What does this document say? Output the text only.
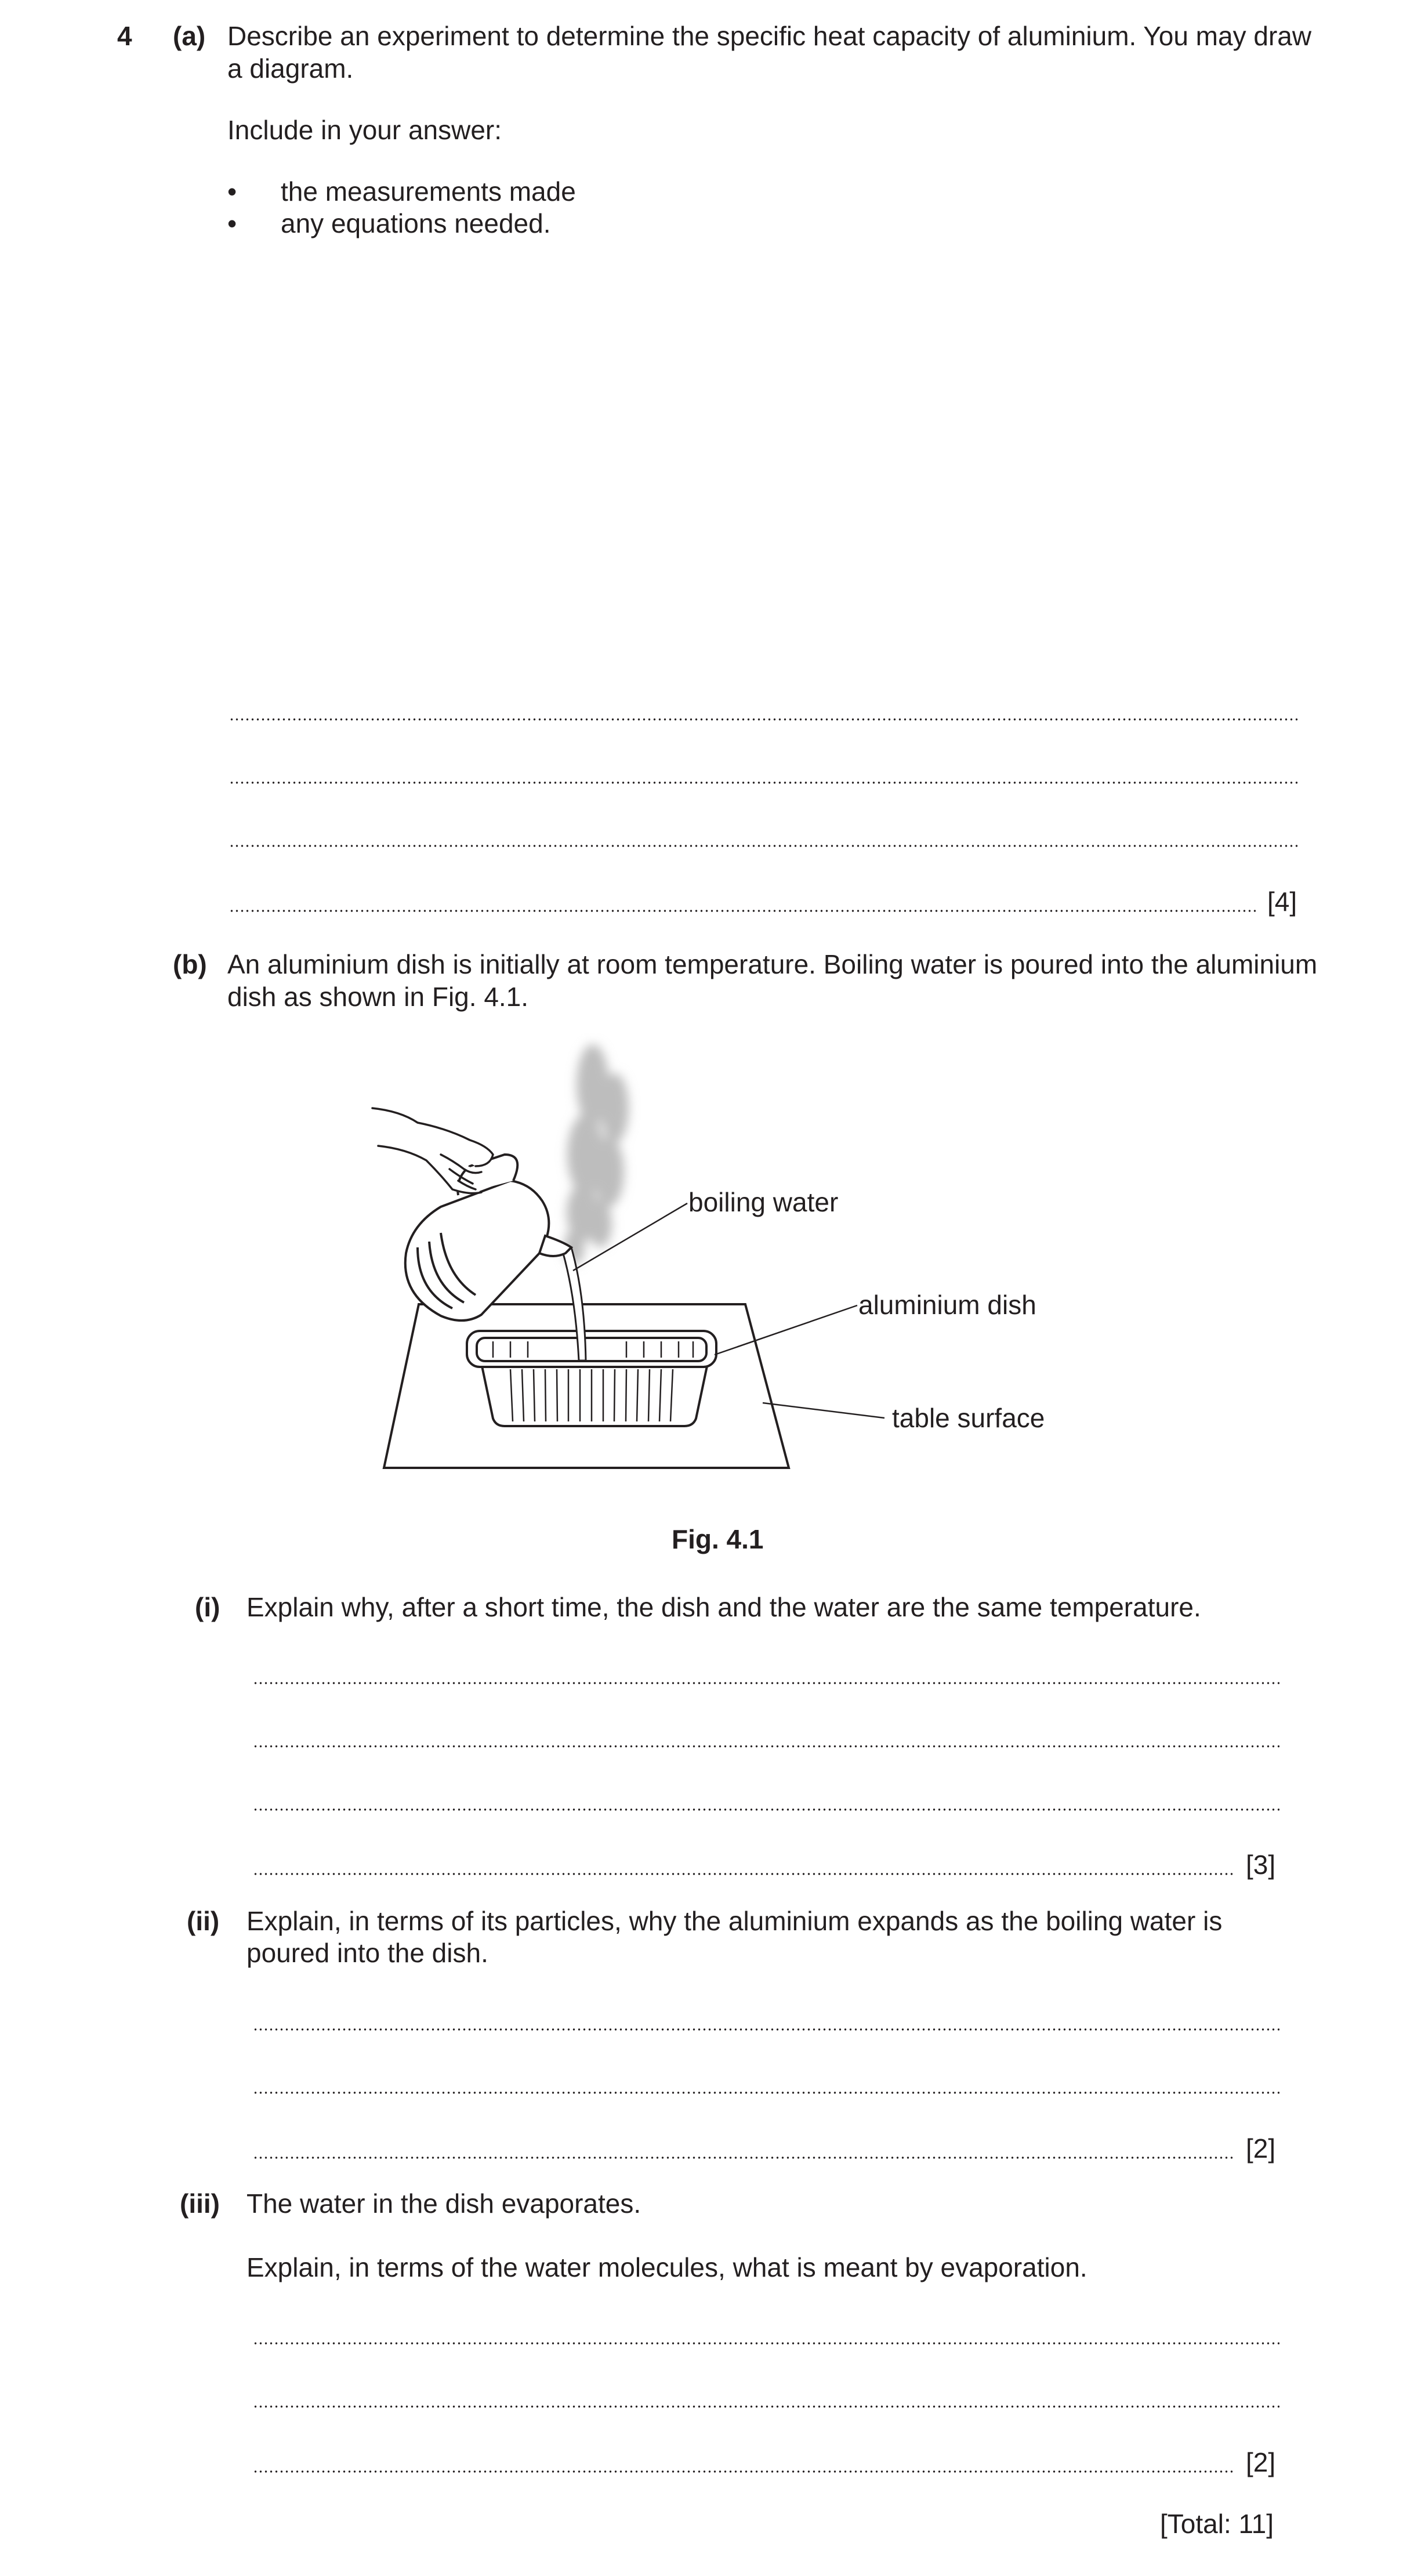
4 (a) Describe an experiment to determine the specific heat capacity of aluminium. You may draw
a diagram.
Include in your answer:
• the measurements made
• any equations needed.
[4]
(b) An aluminium dish is initially at room temperature. Boiling water is poured into the aluminium
dish as shown in Fig. 4.1.
boiling water
aluminium dish
table surface
Fig. 4.1
(i) Explain why, after a short time, the dish and the water are the same temperature.
[3]
(ii) Explain, in terms of its particles, why the aluminium expands as the boiling water is
poured into the dish.
[2]
(iii) The water in the dish evaporates.
Explain, in terms of the water molecules, what is meant by evaporation.
[2]
[Total: 11]
